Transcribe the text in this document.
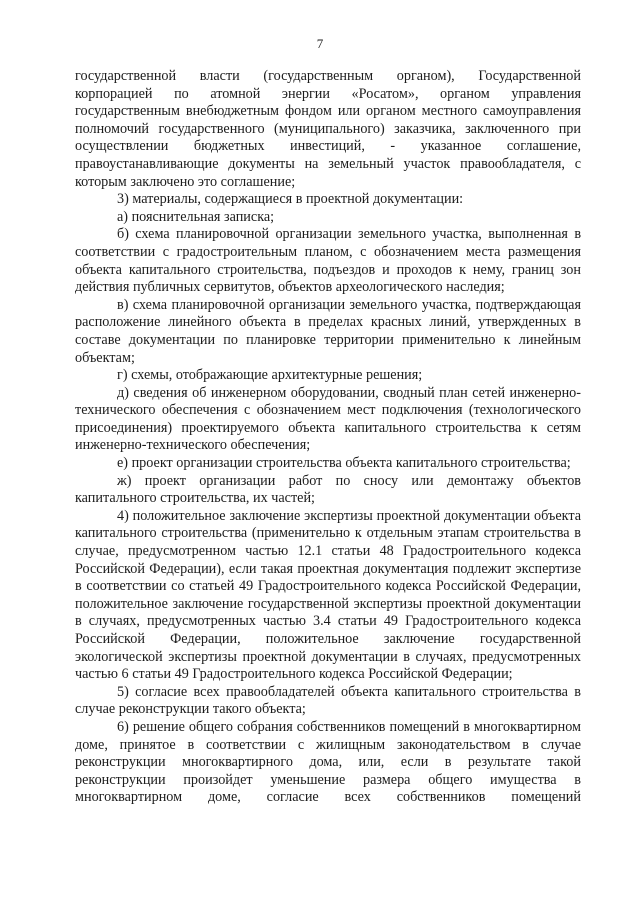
7

государственной власти (государственным органом), Государственной корпорацией по атомной энергии «Росатом», органом управления государственным внебюджетным фондом или органом местного самоуправления полномочий государственного (муниципального) заказчика, заключенного при осуществлении бюджетных инвестиций, - указанное соглашение, правоустанавливающие документы на земельный участок правообладателя, с которым заключено это соглашение;

3) материалы, содержащиеся в проектной документации:

а) пояснительная записка;

б) схема планировочной организации земельного участка, выполненная в соответствии с градостроительным планом, с обозначением места размещения объекта капитального строительства, подъездов и проходов к нему, границ зон действия публичных сервитутов, объектов археологического наследия;

в) схема планировочной организации земельного участка, подтверждающая расположение линейного объекта в пределах красных линий, утвержденных в составе документации по планировке территории применительно к линейным объектам;

г) схемы, отображающие архитектурные решения;

д) сведения об инженерном оборудовании, сводный план сетей инженерно-технического обеспечения с обозначением мест подключения (технологического присоединения) проектируемого объекта капитального строительства к сетям инженерно-технического обеспечения;

е) проект организации строительства объекта капитального строительства;

ж) проект организации работ по сносу или демонтажу объектов капитального строительства, их частей;

4) положительное заключение экспертизы проектной документации объекта капитального строительства (применительно к отдельным этапам строительства в случае, предусмотренном частью 12.1 статьи 48 Градостроительного кодекса Российской Федерации), если такая проектная документация подлежит экспертизе в соответствии со статьей 49 Градостроительного кодекса Российской Федерации, положительное заключение государственной экспертизы проектной документации в случаях, предусмотренных частью 3.4 статьи 49 Градостроительного кодекса Российской Федерации, положительное заключение государственной экологической экспертизы проектной документации в случаях, предусмотренных частью 6 статьи 49 Градостроительного кодекса Российской Федерации;

5) согласие всех правообладателей объекта капитального строительства в случае реконструкции такого объекта;

6) решение общего собрания собственников помещений в многоквартирном доме, принятое в соответствии с жилищным законодательством в случае реконструкции многоквартирного дома, или, если в результате такой реконструкции произойдет уменьшение размера общего имущества в многоквартирном доме, согласие всех собственников помещений
